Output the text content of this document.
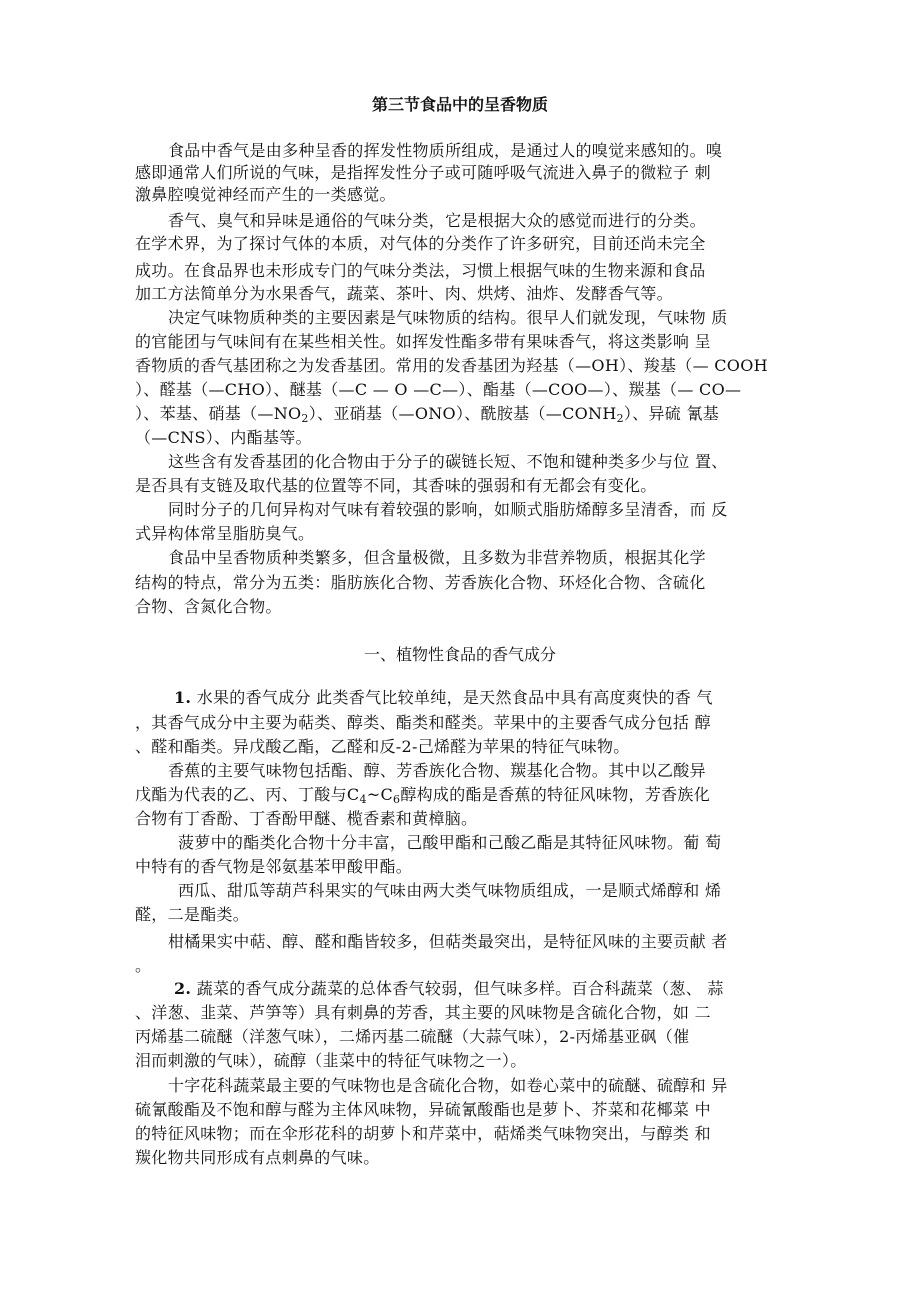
第三节食品中的呈香物质
食品中香气是由多种呈香的挥发性物质所组成，是通过人的嗅觉来感知的。嗅
感即通常人们所说的气味，是指挥发性分子或可随呼吸气流进入鼻子的微粒子 刺
激鼻腔嗅觉神经而产生的一类感觉。
香气、臭气和异味是通俗的气味分类，它是根据大众的感觉而进行的分类。
在学术界，为了探讨气体的本质，对气体的分类作了许多研究，目前还尚未完全
成功。在食品界也未形成专门的气味分类法，习惯上根据气味的生物来源和食品
加工方法简单分为水果香气，蔬菜、茶叶、肉、烘烤、油炸、发酵香气等。
决定气味物质种类的主要因素是气味物质的结构。很早人们就发现，气味物 质
的官能团与气味间有在某些相关性。如挥发性酯多带有果味香气，将这类影响 呈
香物质的香气基团称之为发香基团。常用的发香基团为羟基（—OH）、羧基（— COOH
）、醛基（—CHO）、醚基（—C — O —C—）、酯基（—COO—）、羰基（— CO—
）、苯基、硝基（—NO2）、亚硝基（—ONO）、酰胺基（—CONH2）、异硫 氰基
（—CNS）、内酯基等。
这些含有发香基团的化合物由于分子的碳链长短、不饱和键种类多少与位 置、
是否具有支链及取代基的位置等不同，其香味的强弱和有无都会有变化。
同时分子的几何异构对气味有着较强的影响，如顺式脂肪烯醇多呈清香，而 反
式异构体常呈脂肪臭气。
食品中呈香物质种类繁多，但含量极微，且多数为非营养物质，根据其化学
结构的特点，常分为五类：脂肪族化合物、芳香族化合物、环烃化合物、含硫化
合物、含氮化合物。
一、植物性食品的香气成分
1. 水果的香气成分 此类香气比较单纯，是天然食品中具有高度爽快的香 气
，其香气成分中主要为萜类、醇类、酯类和醛类。苹果中的主要香气成分包括 醇
、醛和酯类。异戊酸乙酯，乙醛和反-2-己烯醛为苹果的特征气味物。
香蕉的主要气味物包括酯、醇、芳香族化合物、羰基化合物。其中以乙酸异
戊酯为代表的乙、丙、丁酸与C4~C6醇构成的酯是香蕉的特征风味物，芳香族化
合物有丁香酚、丁香酚甲醚、榄香素和黄樟脑。
菠萝中的酯类化合物十分丰富，己酸甲酯和己酸乙酯是其特征风味物。葡 萄
中特有的香气物是邻氨基苯甲酸甲酯。
西瓜、甜瓜等葫芦科果实的气味由两大类气味物质组成，一是顺式烯醇和 烯
醛，二是酯类。
柑橘果实中萜、醇、醛和酯皆较多，但萜类最突出，是特征风味的主要贡献 者
。
2. 蔬菜的香气成分蔬菜的总体香气较弱，但气味多样。百合科蔬菜（葱、 蒜
、洋葱、韭菜、芦笋等）具有刺鼻的芳香，其主要的风味物是含硫化合物，如 二
丙烯基二硫醚（洋葱气味），二烯丙基二硫醚（大蒜气味），2-丙烯基亚砜（催
泪而刺激的气味），硫醇（韭菜中的特征气味物之一）。
十字花科蔬菜最主要的气味物也是含硫化合物，如卷心菜中的硫醚、硫醇和 异
硫氰酸酯及不饱和醇与醛为主体风味物，异硫氰酸酯也是萝卜、芥菜和花椰菜 中
的特征风味物；而在伞形花科的胡萝卜和芹菜中，萜烯类气味物突出，与醇类 和
羰化物共同形成有点刺鼻的气味。
